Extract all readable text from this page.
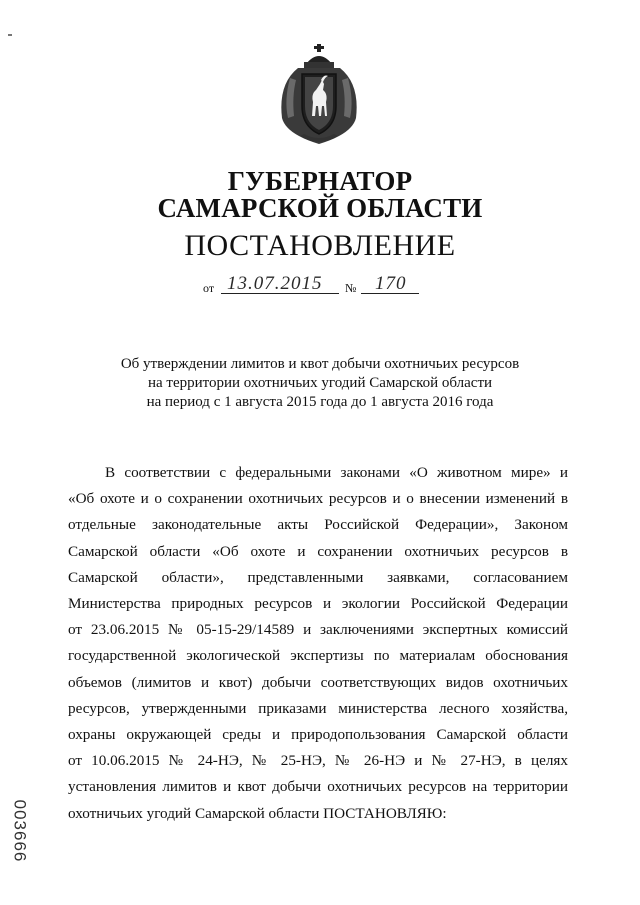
ГУБЕРНАТОР
САМАРСКОЙ ОБЛАСТИ
ПОСТАНОВЛЕНИЕ
от 13.07.2015 № 170
Об утверждении лимитов и квот добычи охотничьих ресурсов
на территории охотничьих угодий Самарской области
на период с 1 августа 2015 года до 1 августа 2016 года
В соответствии с федеральными законами «О животном мире» и
«Об охоте и о сохранении охотничьих ресурсов и о внесении изменений в
отдельные законодательные акты Российской Федерации», Законом
Самарской области «Об охоте и сохранении охотничьих ресурсов в
Самарской области», представленными заявками, согласованием
Министерства природных ресурсов и экологии Российской Федерации
от 23.06.2015 № 05-15-29/14589 и заключениями экспертных комиссий
государственной экологической экспертизы по материалам обоснования
объемов (лимитов и квот) добычи соответствующих видов охотничьих
ресурсов, утвержденными приказами министерства лесного хозяйства,
охраны окружающей среды и природопользования Самарской области
от 10.06.2015 № 24-НЭ, № 25-НЭ, № 26-НЭ и № 27-НЭ, в целях
установления лимитов и квот добычи охотничьих ресурсов на территории
охотничьих угодий Самарской области ПОСТАНОВЛЯЮ:
003666
